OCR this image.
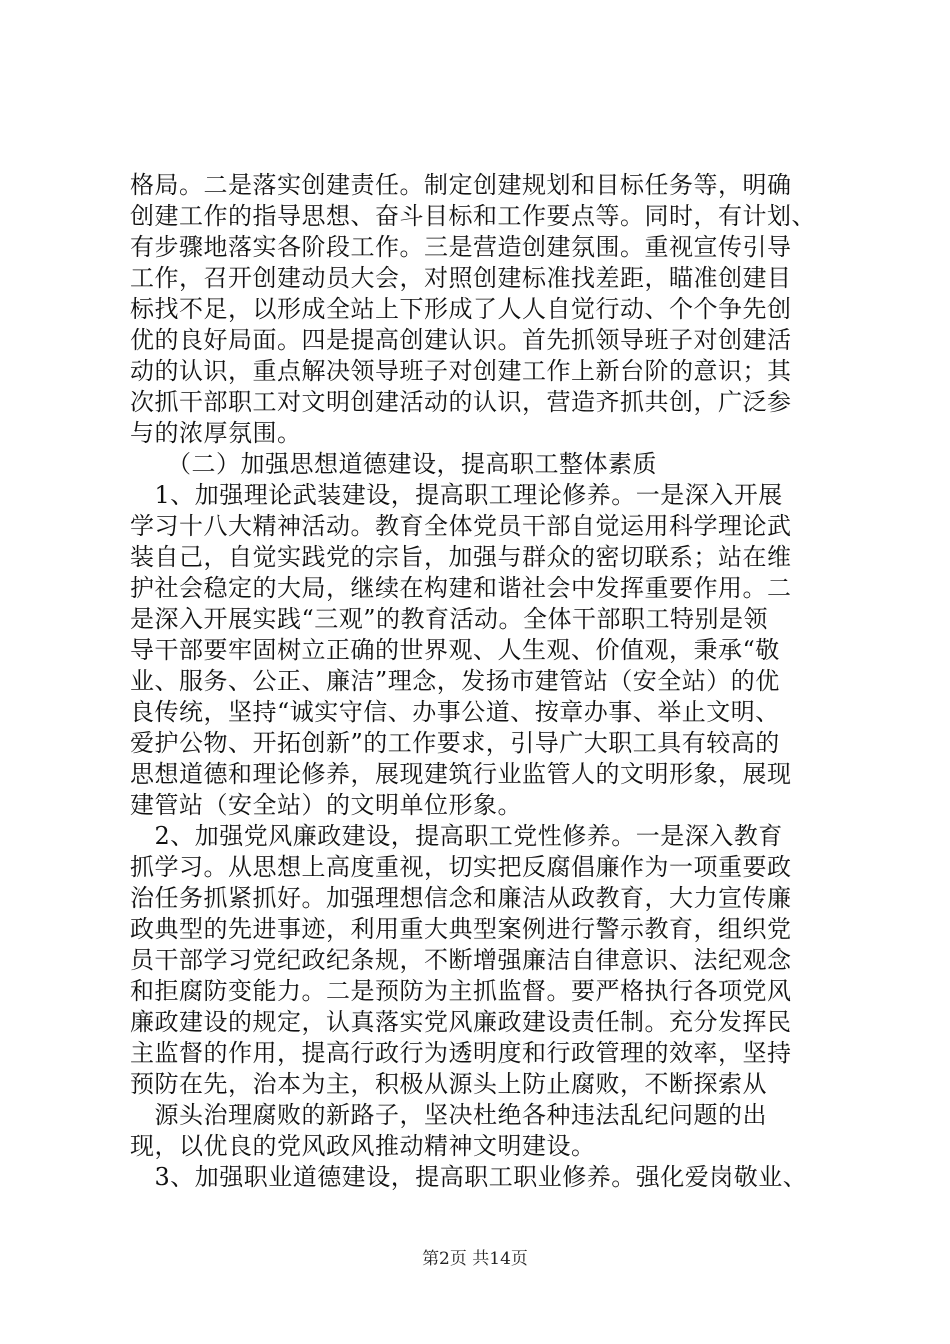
格局。二是落实创建责任。制定创建规划和目标任务等，明确
创建工作的指导思想、奋斗目标和工作要点等。同时，有计划、
有步骤地落实各阶段工作。三是营造创建氛围。重视宣传引导
工作，召开创建动员大会，对照创建标准找差距，瞄准创建目
标找不足，以形成全站上下形成了人人自觉行动、个个争先创
优的良好局面。四是提高创建认识。首先抓领导班子对创建活
动的认识，重点解决领导班子对创建工作上新台阶的意识；其
次抓干部职工对文明创建活动的认识，营造齐抓共创，广泛参
与的浓厚氛围。
　　（二）加强思想道德建设，提高职工整体素质
　1、加强理论武装建设，提高职工理论修养。一是深入开展
学习十八大精神活动。教育全体党员干部自觉运用科学理论武
装自己，自觉实践党的宗旨，加强与群众的密切联系；站在维
护社会稳定的大局，继续在构建和谐社会中发挥重要作用。二
是深入开展实践“三观”的教育活动。全体干部职工特别是领
导干部要牢固树立正确的世界观、人生观、价值观，秉承“敬
业、服务、公正、廉洁”理念，发扬市建管站（安全站）的优
良传统，坚持“诚实守信、办事公道、按章办事、举止文明、
爱护公物、开拓创新”的工作要求，引导广大职工具有较高的
思想道德和理论修养，展现建筑行业监管人的文明形象，展现
建管站（安全站）的文明单位形象。
　2、加强党风廉政建设，提高职工党性修养。一是深入教育
抓学习。从思想上高度重视，切实把反腐倡廉作为一项重要政
治任务抓紧抓好。加强理想信念和廉洁从政教育，大力宣传廉
政典型的先进事迹，利用重大典型案例进行警示教育，组织党
员干部学习党纪政纪条规，不断增强廉洁自律意识、法纪观念
和拒腐防变能力。二是预防为主抓监督。要严格执行各项党风
廉政建设的规定，认真落实党风廉政建设责任制。充分发挥民
主监督的作用，提高行政行为透明度和行政管理的效率，坚持
预防在先，治本为主，积极从源头上防止腐败，不断探索从
　源头治理腐败的新路子，坚决杜绝各种违法乱纪问题的出
现，以优良的党风政风推动精神文明建设。
　3、加强职业道德建设，提高职工职业修养。强化爱岗敬业、
第2页 共14页
